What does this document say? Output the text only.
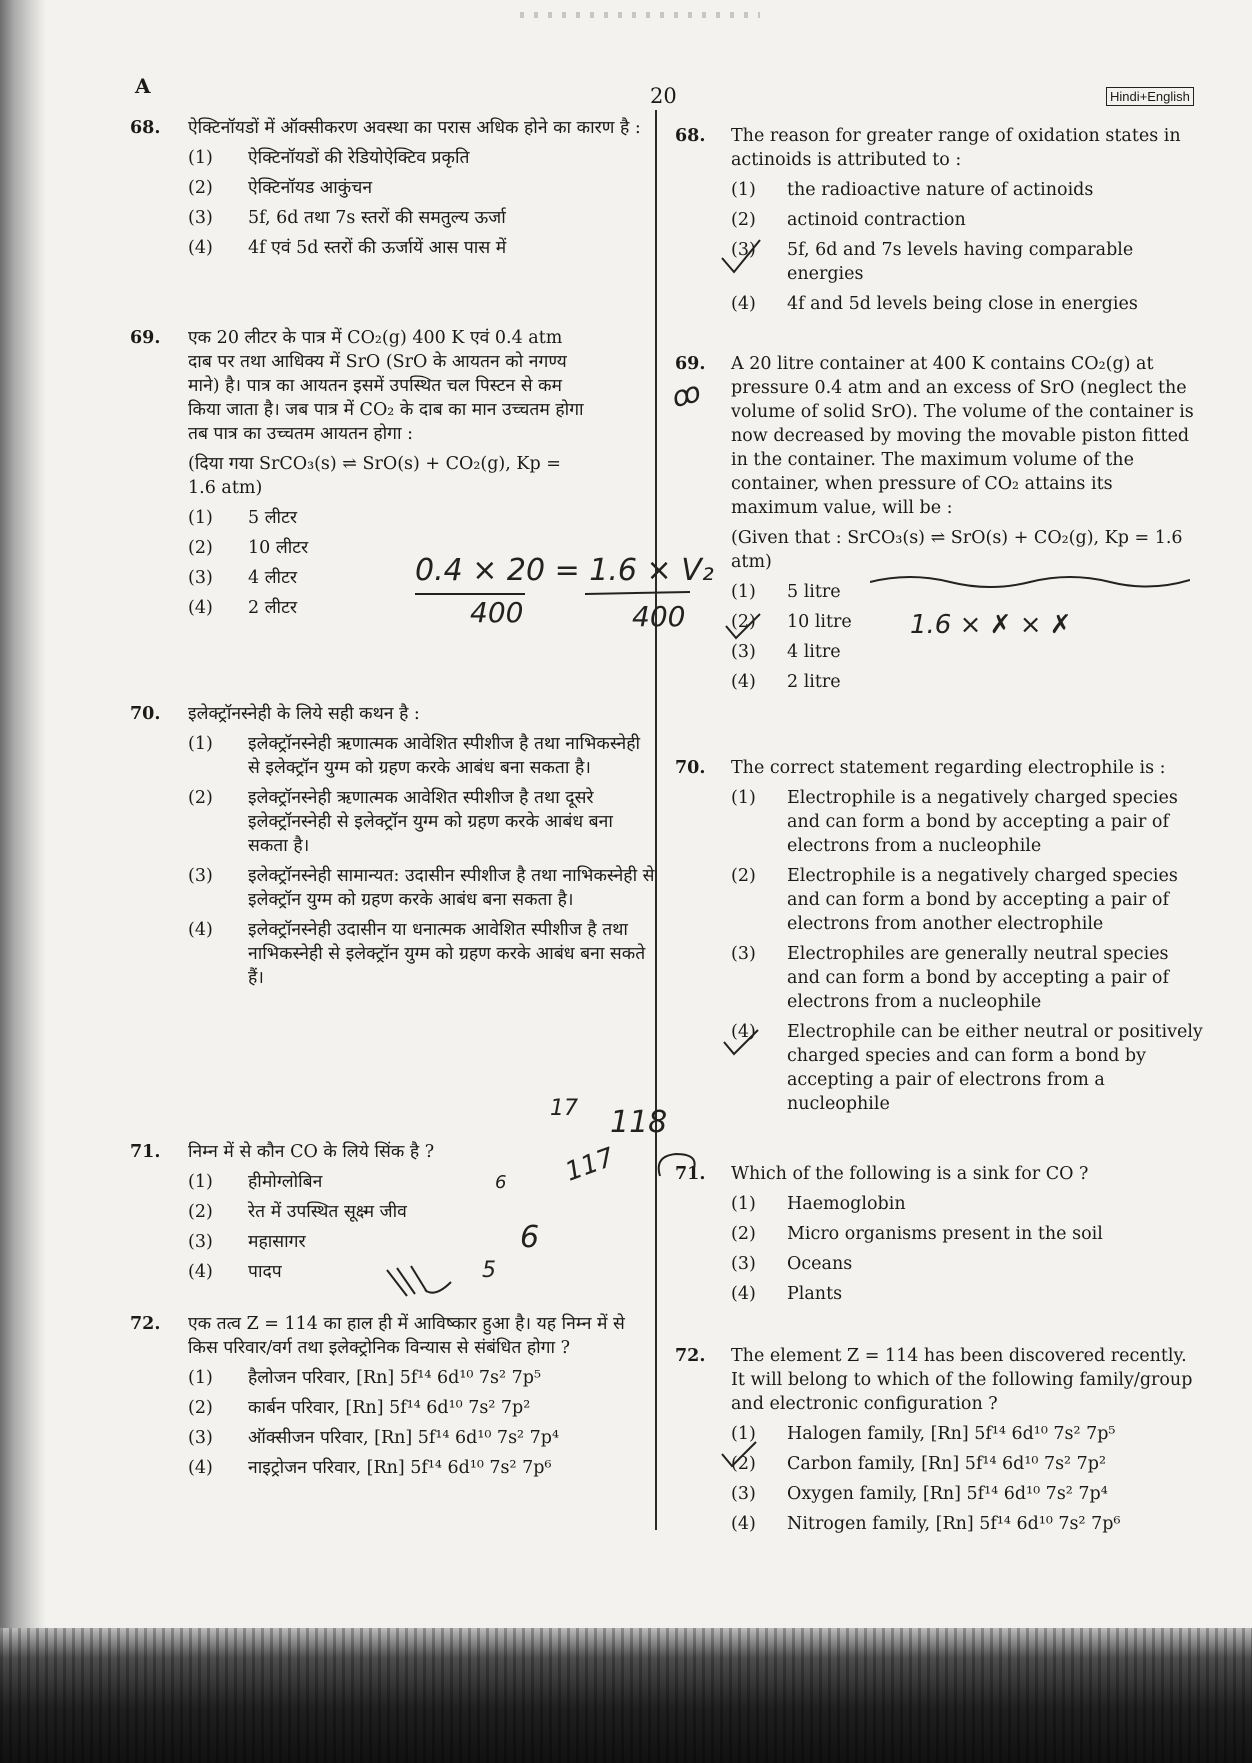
A	20	Hindi+English
68. ऐक्टिनॉयडों में ऑक्सीकरण अवस्था का परास अधिक होने का कारण है :
(1)	ऐक्टिनॉयडों की रेडियोऐक्टिव प्रकृति
(2)	ऐक्टिनॉयड आकुंचन
(3)	5f, 6d तथा 7s स्तरों की समतुल्य ऊर्जा
(4)	4f एवं 5d स्तरों की ऊर्जायें आस पास में
69. एक 20 लीटर के पात्र में CO₂(g) 400 K एवं 0.4 atm दाब पर तथा आधिक्य में SrO (SrO के आयतन को नगण्य माने) है। पात्र का आयतन इसमें उपस्थित चल पिस्टन से कम किया जाता है। जब पात्र में CO₂ के दाब का मान उच्चतम होगा तब पात्र का उच्चतम आयतन होगा :
(दिया गया SrCO₃(s) ⇌ SrO(s) + CO₂(g), Kp = 1.6 atm)
(1)	5 लीटर
(2)	10 लीटर
(3)	4 लीटर
(4)	2 लीटर
70. इलेक्ट्रॉनस्नेही के लिये सही कथन है :
(1)	इलेक्ट्रॉनस्नेही ऋणात्मक आवेशित स्पीशीज है तथा नाभिकस्नेही से इलेक्ट्रॉन युग्म को ग्रहण करके आबंध बना सकता है।
(2)	इलेक्ट्रॉनस्नेही ऋणात्मक आवेशित स्पीशीज है तथा दूसरे इलेक्ट्रॉनस्नेही से इलेक्ट्रॉन युग्म को ग्रहण करके आबंध बना सकता है।
(3)	इलेक्ट्रॉनस्नेही सामान्यत: उदासीन स्पीशीज है तथा नाभिकस्नेही से इलेक्ट्रॉन युग्म को ग्रहण करके आबंध बना सकता है।
(4)	इलेक्ट्रॉनस्नेही उदासीन या धनात्मक आवेशित स्पीशीज है तथा नाभिकस्नेही से इलेक्ट्रॉन युग्म को ग्रहण करके आबंध बना सकते हैं।
71. निम्न में से कौन CO के लिये सिंक है ?
(1)	हीमोग्लोबिन
(2)	रेत में उपस्थित सूक्ष्म जीव
(3)	महासागर
(4)	पादप
72. एक तत्व Z = 114 का हाल ही में आविष्कार हुआ है। यह निम्न में से किस परिवार/वर्ग तथा इलेक्ट्रोनिक विन्यास से संबंधित होगा ?
(1)	हैलोजन परिवार, [Rn] 5f¹⁴ 6d¹⁰ 7s² 7p⁵
(2)	कार्बन परिवार, [Rn] 5f¹⁴ 6d¹⁰ 7s² 7p²
(3)	ऑक्सीजन परिवार, [Rn] 5f¹⁴ 6d¹⁰ 7s² 7p⁴
(4)	नाइट्रोजन परिवार, [Rn] 5f¹⁴ 6d¹⁰ 7s² 7p⁶
68. The reason for greater range of oxidation states in actinoids is attributed to :
(1)	the radioactive nature of actinoids
(2)	actinoid contraction
(3)	5f, 6d and 7s levels having comparable energies
(4)	4f and 5d levels being close in energies
69. A 20 litre container at 400 K contains CO₂(g) at pressure 0.4 atm and an excess of SrO (neglect the volume of solid SrO). The volume of the container is now decreased by moving the movable piston fitted in the container. The maximum volume of the container, when pressure of CO₂ attains its maximum value, will be :
(Given that : SrCO₃(s) ⇌ SrO(s) + CO₂(g), Kp = 1.6 atm)
(1)	5 litre
(2)	10 litre
(3)	4 litre
(4)	2 litre
70. The correct statement regarding electrophile is :
(1)	Electrophile is a negatively charged species and can form a bond by accepting a pair of electrons from a nucleophile
(2)	Electrophile is a negatively charged species and can form a bond by accepting a pair of electrons from another electrophile
(3)	Electrophiles are generally neutral species and can form a bond by accepting a pair of electrons from a nucleophile
(4)	Electrophile can be either neutral or positively charged species and can form a bond by accepting a pair of electrons from a nucleophile
71. Which of the following is a sink for CO ?
(1)	Haemoglobin
(2)	Micro organisms present in the soil
(3)	Oceans
(4)	Plants
72. The element Z = 114 has been discovered recently. It will belong to which of the following family/group and electronic configuration ?
(1)	Halogen family, [Rn] 5f¹⁴ 6d¹⁰ 7s² 7p⁵
(2)	Carbon family, [Rn] 5f¹⁴ 6d¹⁰ 7s² 7p²
(3)	Oxygen family, [Rn] 5f¹⁴ 6d¹⁰ 7s² 7p⁴
(4)	Nitrogen family, [Rn] 5f¹⁴ 6d¹⁰ 7s² 7p⁶
0.4 × 20 = 1.6 × V₂
400	400	1.6 × ✗ × ✗
ꝏ
17 118
117
6
6
5
